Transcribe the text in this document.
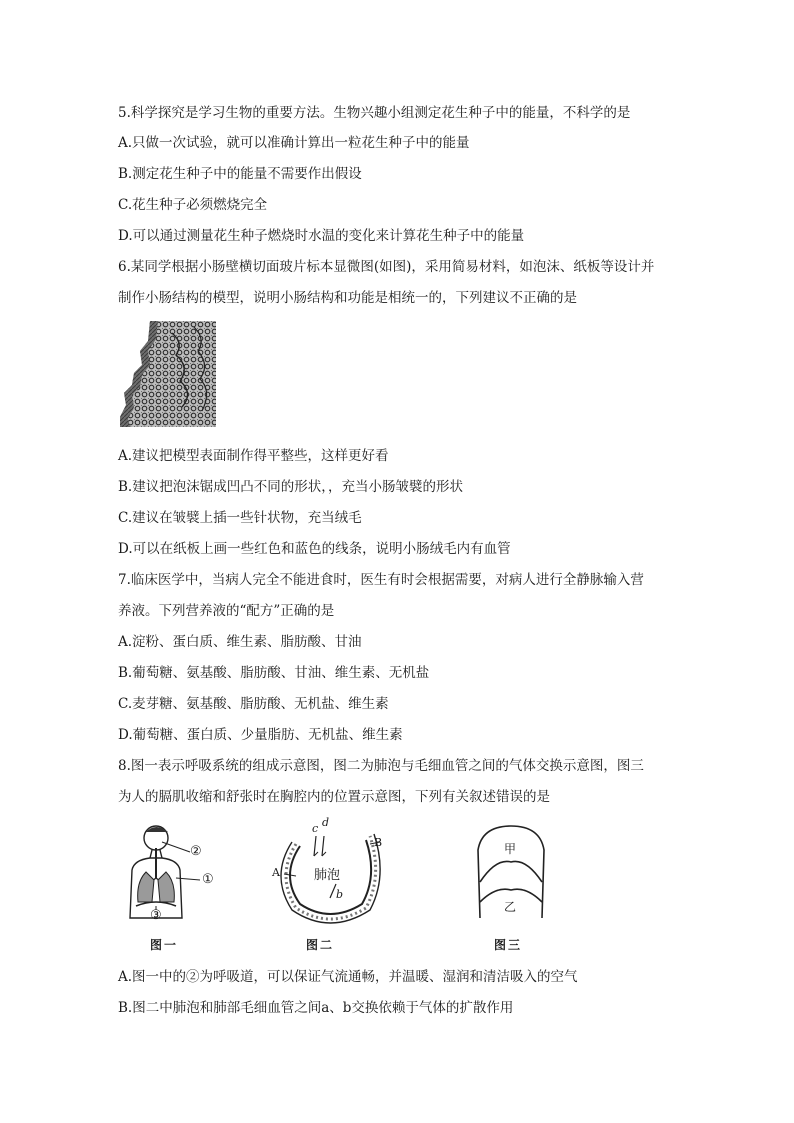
5.科学探究是学习生物的重要方法。生物兴趣小组测定花生种子中的能量，不科学的是
A.只做一次试验，就可以准确计算出一粒花生种子中的能量
B.测定花生种子中的能量不需要作出假设
C.花生种子必须燃烧完全
D.可以通过测量花生种子燃烧时水温的变化来计算花生种子中的能量
6.某同学根据小肠壁横切面玻片标本显微图(如图)，采用简易材料，如泡沫、纸板等设计并
制作小肠结构的模型，说明小肠结构和功能是相统一的，下列建议不正确的是
A.建议把模型表面制作得平整些，这样更好看
B.建议把泡沫锯成凹凸不同的形状，，充当小肠皱襞的形状
C.建议在皱襞上插一些针状物，充当绒毛
D.可以在纸板上画一些红色和蓝色的线条，说明小肠绒毛内有血管
7.临床医学中，当病人完全不能进食时，医生有时会根据需要，对病人进行全静脉输入营
养液。下列营养液的“配方”正确的是
A.淀粉、蛋白质、维生素、脂肪酸、甘油
B.葡萄糖、氨基酸、脂肪酸、甘油、维生素、无机盐
C.麦芽糖、氨基酸、脂肪酸、无机盐、维生素
D.葡萄糖、蛋白质、少量脂肪、无机盐、维生素
8.图一表示呼吸系统的组成示意图，图二为肺泡与毛细血管之间的气体交换示意图，图三
为人的膈肌收缩和舒张时在胸腔内的位置示意图，下列有关叙述错误的是
②
①
③
图一
c d
B
A	肺泡
b
图二
甲
乙
图三
A.图一中的②为呼吸道，可以保证气流通畅，并温暖、湿润和清洁吸入的空气
B.图二中肺泡和肺部毛细血管之间a、b交换依赖于气体的扩散作用
